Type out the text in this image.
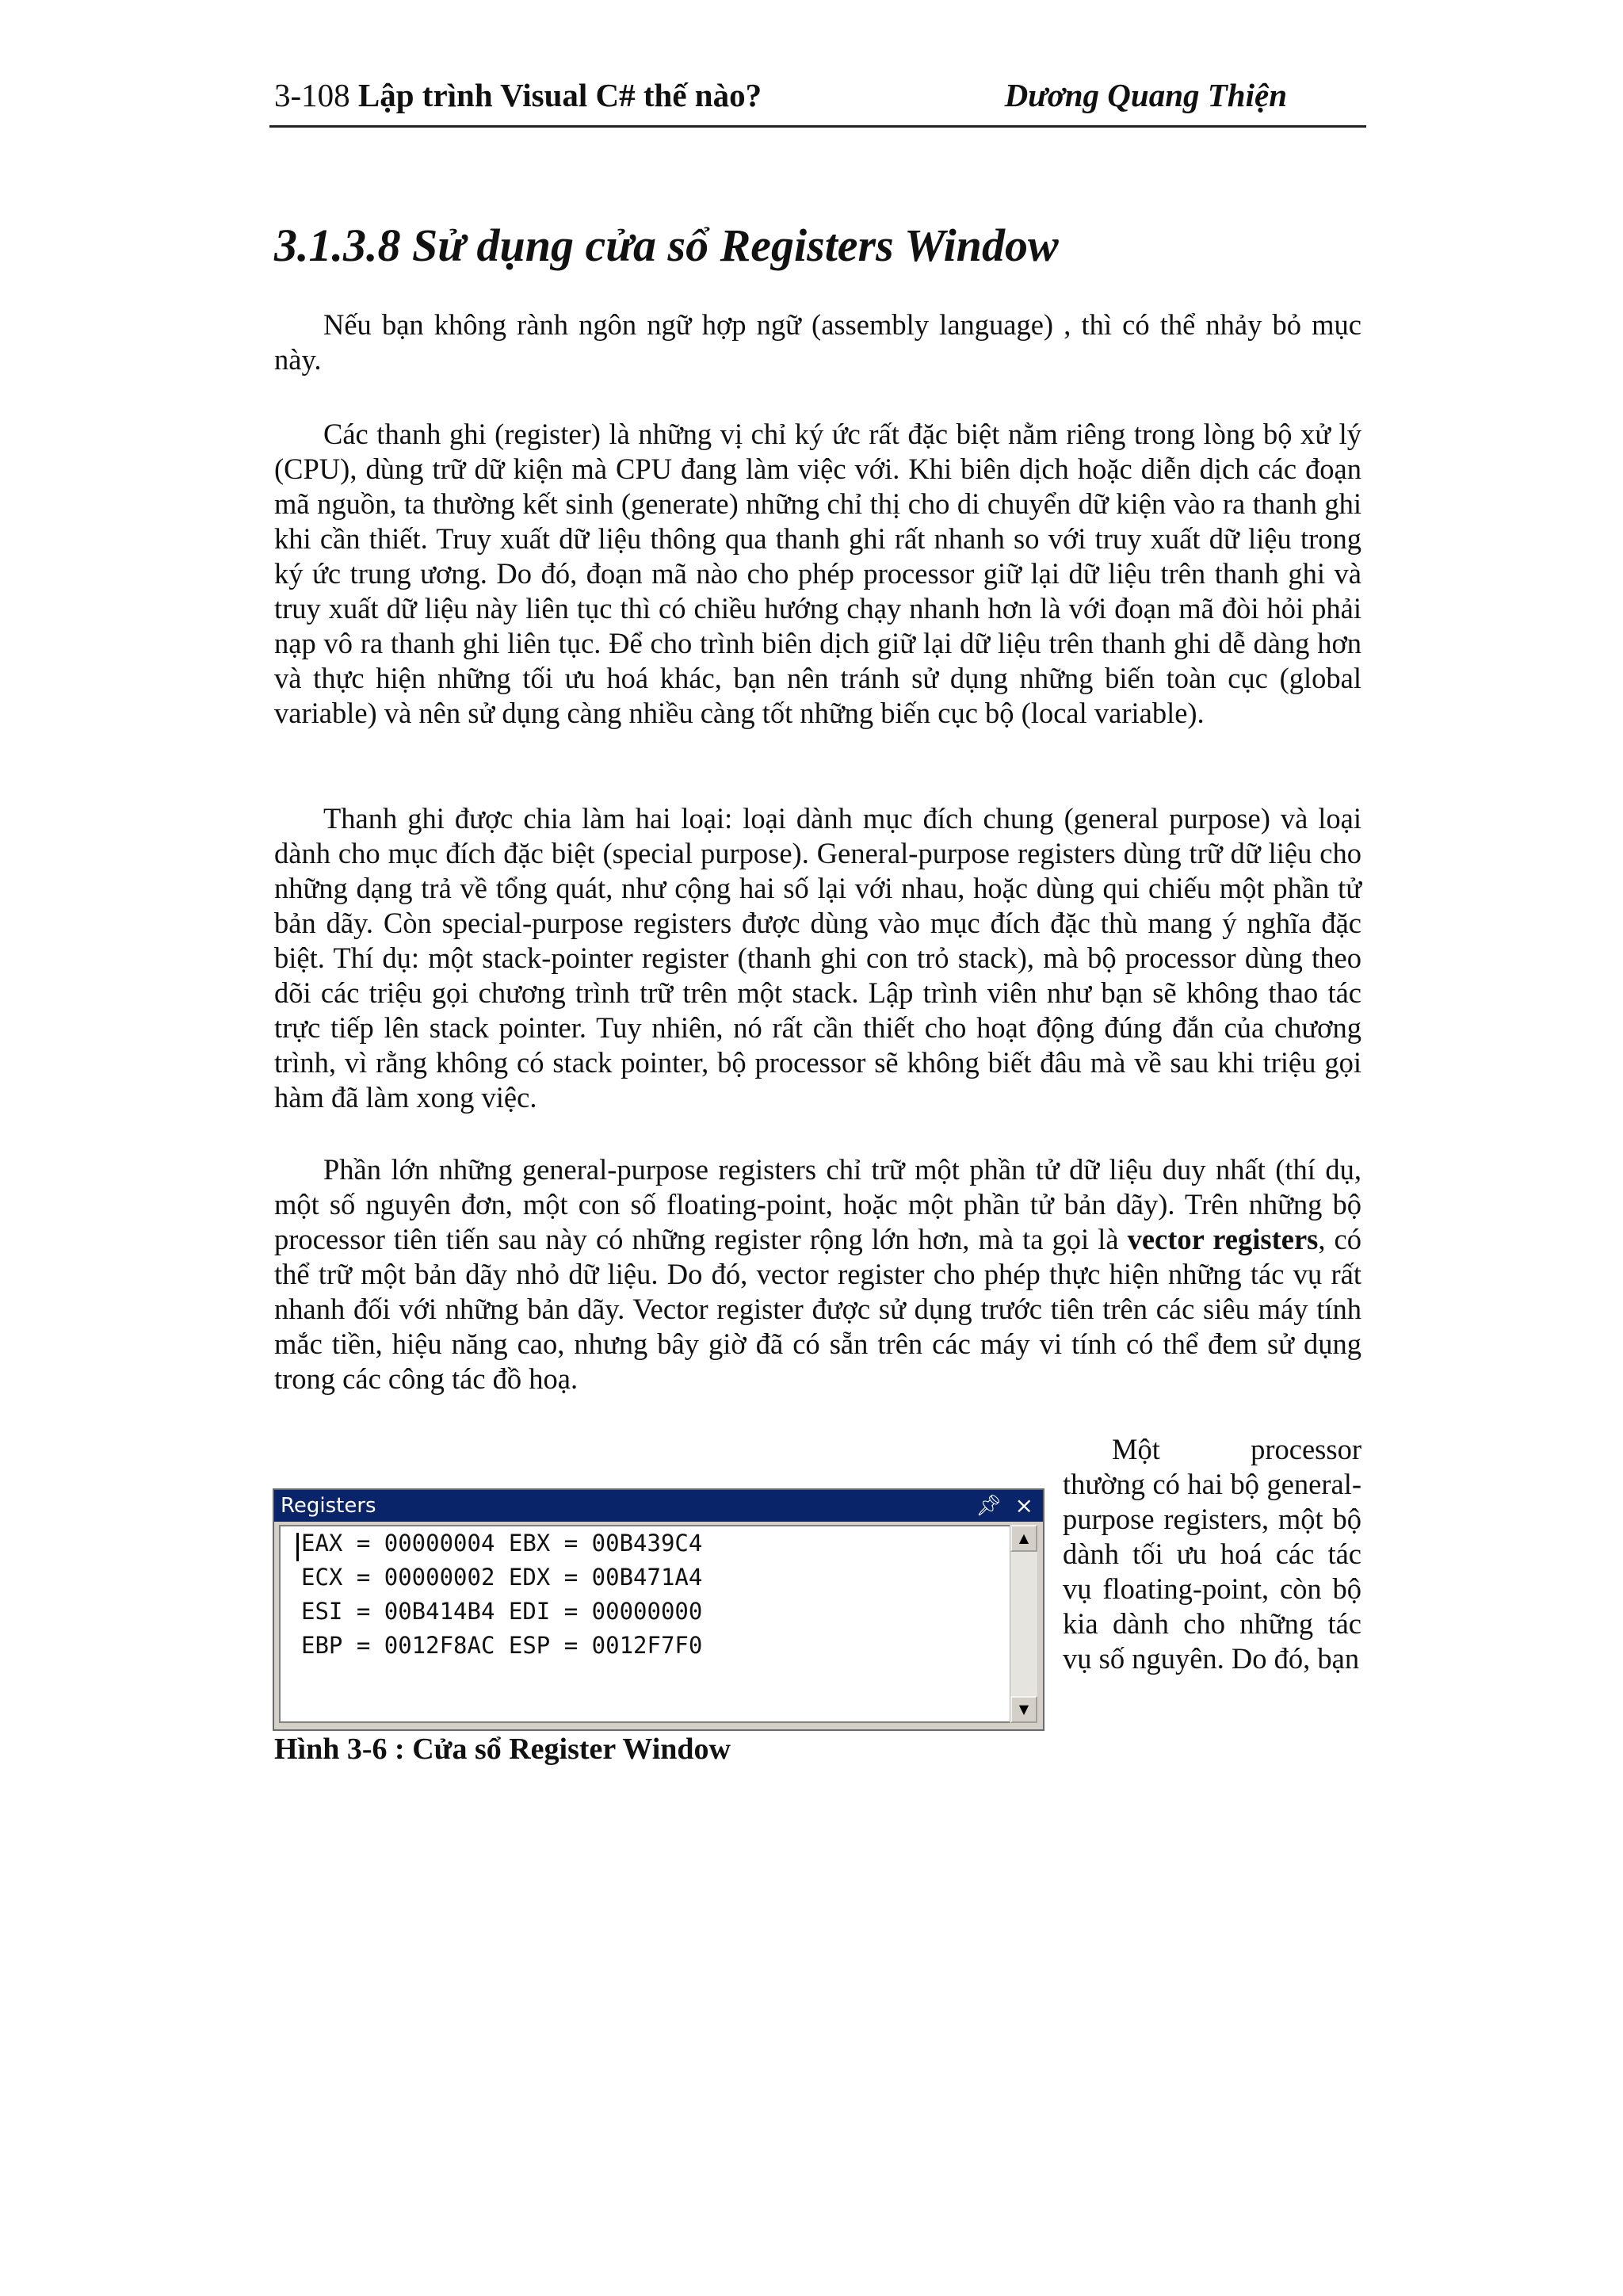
3-108 Lập trình Visual C# thế nào?	Dương Quang Thiện
3.1.3.8 Sử dụng cửa sổ Registers Window

Nếu bạn không rành ngôn ngữ hợp ngữ (assembly language) , thì có thể nhảy bỏ mục này.

Các thanh ghi (register) là những vị chỉ ký ức rất đặc biệt nằm riêng trong lòng bộ xử lý (CPU), dùng trữ dữ kiện mà CPU đang làm việc với. Khi biên dịch hoặc diễn dịch các đoạn mã nguồn, ta thường kết sinh (generate) những chỉ thị cho di chuyển dữ kiện vào ra thanh ghi khi cần thiết. Truy xuất dữ liệu thông qua thanh ghi rất nhanh so với truy xuất dữ liệu trong ký ức trung ương. Do đó, đoạn mã nào cho phép processor giữ lại dữ liệu trên thanh ghi và truy xuất dữ liệu này liên tục thì có chiều hướng chạy nhanh hơn là với đoạn mã đòi hỏi phải nạp vô ra thanh ghi liên tục. Để cho trình biên dịch giữ lại dữ liệu trên thanh ghi dễ dàng hơn và thực hiện những tối ưu hoá khác, bạn nên tránh sử dụng những biến toàn cục (global variable) và nên sử dụng càng nhiều càng tốt những biến cục bộ (local variable).

Thanh ghi được chia làm hai loại: loại dành mục đích chung (general purpose) và loại dành cho mục đích đặc biệt (special purpose). General-purpose registers dùng trữ dữ liệu cho những dạng trả về tổng quát, như cộng hai số lại với nhau, hoặc dùng qui chiếu một phần tử bản dãy. Còn special-purpose registers được dùng vào mục đích đặc thù mang ý nghĩa đặc biệt. Thí dụ: một stack-pointer register (thanh ghi con trỏ stack), mà bộ processor dùng theo dõi các triệu gọi chương trình trữ trên một stack. Lập trình viên như bạn sẽ không thao tác trực tiếp lên stack pointer. Tuy nhiên, nó rất cần thiết cho hoạt động đúng đắn của chương trình, vì rằng không có stack pointer, bộ processor sẽ không biết đâu mà về sau khi triệu gọi hàm đã làm xong việc.

Phần lớn những general-purpose registers chỉ trữ một phần tử dữ liệu duy nhất (thí dụ, một số nguyên đơn, một con số floating-point, hoặc một phần tử bản dãy). Trên những bộ processor tiên tiến sau này có những register rộng lớn hơn, mà ta gọi là vector registers, có thể trữ một bản dãy nhỏ dữ liệu. Do đó, vector register cho phép thực hiện những tác vụ rất nhanh đối với những bản dãy. Vector register được sử dụng trước tiên trên các siêu máy tính mắc tiền, hiệu năng cao, nhưng bây giờ đã có sẵn trên các máy vi tính có thể đem sử dụng trong các công tác đồ hoạ.

Một processor thường có hai bộ general-purpose registers, một bộ dành tối ưu hoá các tác vụ floating-point, còn bộ kia dành cho những tác vụ số nguyên. Do đó, bạn

Registers	📌︎ ×
EAX = 00000004 EBX = 00B439C4
ECX = 00000002 EDX = 00B471A4
ESI = 00B414B4 EDI = 00000000
EBP = 0012F8AC ESP = 0012F7F0
▲
▼
Hình 3-6 : Cửa sổ Register Window
